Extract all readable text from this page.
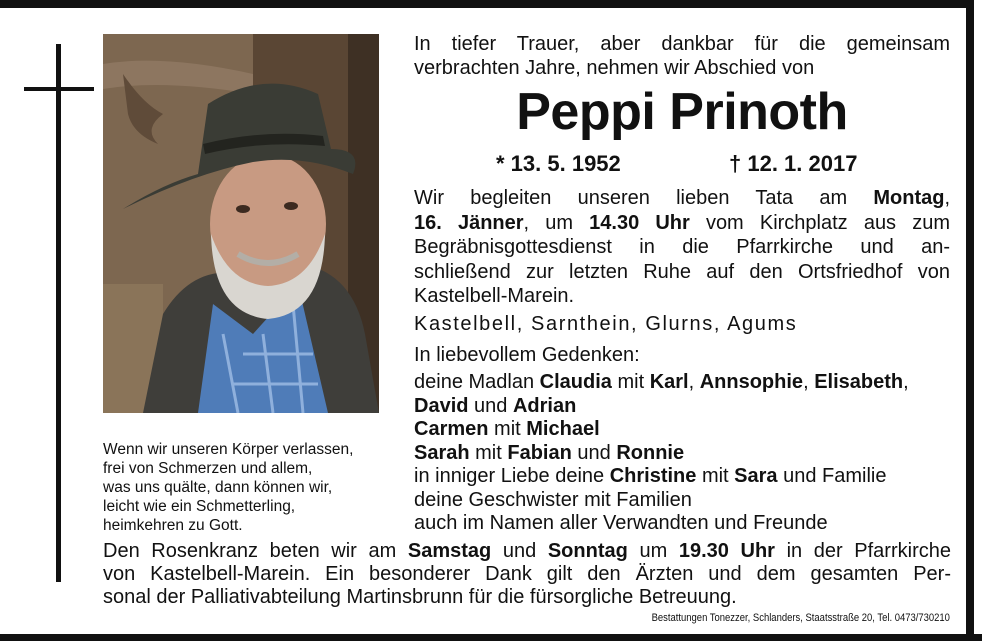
Wenn wir unseren Körper verlassen,
frei von Schmerzen und allem,
was uns quälte, dann können wir,
leicht wie ein Schmetterling,
heimkehren zu Gott.
In tiefer Trauer, aber dankbar für die gemeinsam
verbrachten Jahre, nehmen wir Abschied von
Peppi Prinoth
* 13. 5. 1952	† 12. 1. 2017
Wir begleiten unseren lieben Tata am Montag,
16. Jänner, um 14.30 Uhr vom Kirchplatz aus zum
Begräbnisgottesdienst in die Pfarrkirche und an-
schließend zur letzten Ruhe auf den Ortsfriedhof von
Kastelbell-Marein.
Kastelbell, Sarnthein, Glurns, Agums
In liebevollem Gedenken:
deine Madlan Claudia mit Karl, Annsophie, Elisabeth,
David und Adrian
Carmen mit Michael
Sarah mit Fabian und Ronnie
in inniger Liebe deine Christine mit Sara und Familie
deine Geschwister mit Familien
auch im Namen aller Verwandten und Freunde
Den Rosenkranz beten wir am Samstag und Sonntag um 19.30 Uhr in der Pfarrkirche
von Kastelbell-Marein. Ein besonderer Dank gilt den Ärzten und dem gesamten Per-
sonal der Palliativabteilung Martinsbrunn für die fürsorgliche Betreuung.
Bestattungen Tonezzer, Schlanders, Staatsstraße 20, Tel. 0473/730210
